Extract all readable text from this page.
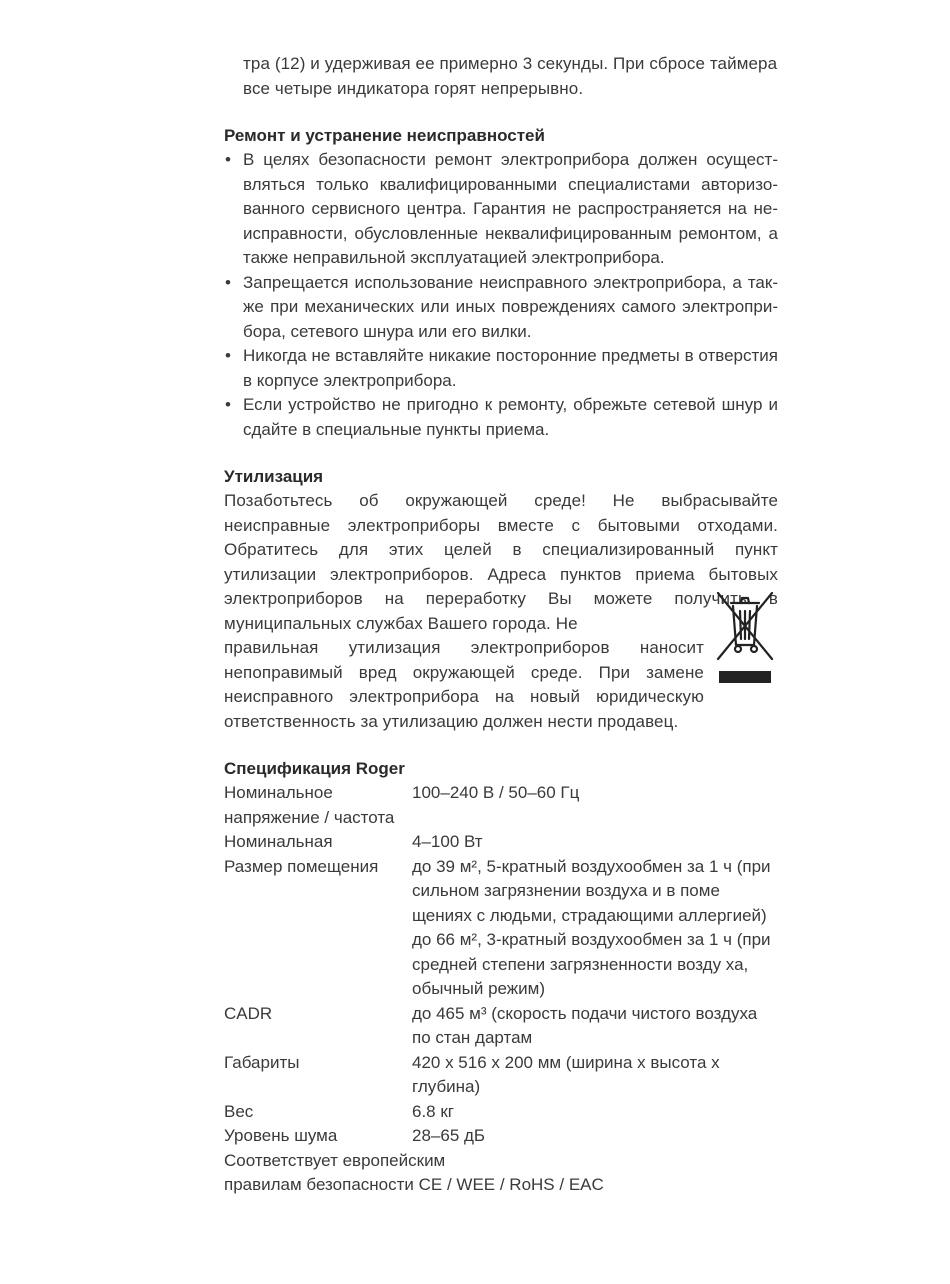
тра (12) и удерживая ее примерно 3 секунды. При сбросе таймера

все четыре индикатора горят непрерывно.

Ремонт и устранение неисправностей
• В целях безопасности ремонт электроприбора должен осуществляться только квалифицированными специалистами авторизованного сервисного центра. Гарантия не распространяется на неисправности, обусловленные неквалифицированным ремонтом, а также неправильной эксплуатацией электроприбора.
• Запрещается использование неисправного электроприбора, а также при механических или иных повреждениях самого электроприбора, сетевого шнура или его вилки.
• Никогда не вставляйте никакие посторонние предметы в отверстия в корпусе электроприбора.
• Если устройство не пригодно к ремонту, обрежьте сетевой шнур и сдайте в специальные пункты приема.
Утилизация

Позаботьтесь об окружающей среде! Не выбрасывайте неисправные электроприборы вместе с бытовыми отходами. Обратитесь для этих целей в специализированный пункт утилизации электроприборов. Адреса пунктов приема бытовых электроприборов на переработку Вы можете получить в муниципальных службах Вашего города. Не

правильная утилизация электроприборов наносит непоправимый вред окружающей среде. При замене неисправного электроприбора на новый юридическую ответственность за утилизацию должен нести продавец.

Спецификация Roger
Номинальное напряжение / частота	100–240 В / 50–60 Гц
Номинальная	4–100 Вт
Размер помещения	до 39 м², 5-кратный воздухообмен за 1 ч (при сильном загрязнении воздуха и в поме щениях с людьми, страдающими аллергией) до 66 м², 3-кратный воздухообмен за 1 ч (при средней степени загрязненности возду ха, обычный режим)
CADR	до 465 м³ (скорость подачи чистого воздуха по стан дартам
Габариты	420 х 516 х 200 мм (ширина х высота х глубина)
Вес	6.8 кг
Уровень шума	28–65 дБ

Соответствует европейским

правилам безопасности CE / WEE / RoHS / EAC
